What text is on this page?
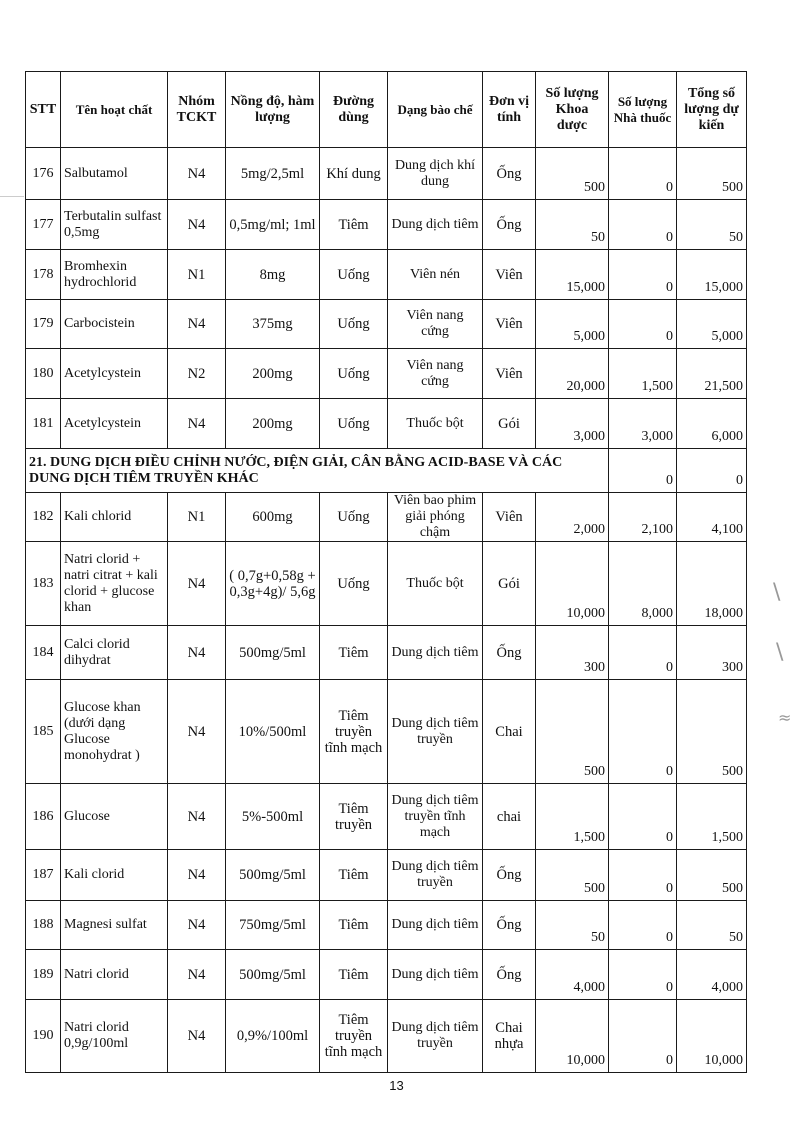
\
\
≈
STT	Tên hoạt chất	Nhóm TCKT	Nồng độ, hàm lượng	Đường dùng	Dạng bào chế	Đơn vị tính	Số lượng Khoa dược	Số lượng Nhà thuốc	Tổng số lượng dự kiến
176	Salbutamol	N4	5mg/2,5ml	Khí dung	Dung dịch khí dung	Ống	500	0	500
177	Terbutalin sulfast 0,5mg	N4	0,5mg/ml; 1ml	Tiêm	Dung dịch tiêm	Ống	50	0	50
178	Bromhexin hydrochlorid	N1	8mg	Uống	Viên nén	Viên	15,000	0	15,000
179	Carbocistein	N4	375mg	Uống	Viên nang cứng	Viên	5,000	0	5,000
180	Acetylcystein	N2	200mg	Uống	Viên nang cứng	Viên	20,000	1,500	21,500
181	Acetylcystein	N4	200mg	Uống	Thuốc bột	Gói	3,000	3,000	6,000
21. DUNG DỊCH ĐIỀU CHỈNH NƯỚC, ĐIỆN GIẢI, CÂN BẰNG ACID-BASE VÀ CÁC DUNG DỊCH TIÊM TRUYỀN KHÁC								0	0
182	Kali chlorid	N1	600mg	Uống	Viên bao phim giải phóng chậm	Viên	2,000	2,100	4,100
183	Natri clorid + natri citrat + kali clorid + glucose khan	N4	( 0,7g+0,58g + 0,3g+4g)/ 5,6g	Uống	Thuốc bột	Gói	10,000	8,000	18,000
184	Calci clorid dihydrat	N4	500mg/5ml	Tiêm	Dung dịch tiêm	Ống	300	0	300
185	Glucose khan (dưới dạng Glucose monohydrat )	N4	10%/500ml	Tiêm truyền tĩnh mạch	Dung dịch tiêm truyền	Chai	500	0	500
186	Glucose	N4	5%-500ml	Tiêm truyền	Dung dịch tiêm truyền tĩnh mạch	chai	1,500	0	1,500
187	Kali clorid	N4	500mg/5ml	Tiêm	Dung dịch tiêm truyền	Ống	500	0	500
188	Magnesi sulfat	N4	750mg/5ml	Tiêm	Dung dịch tiêm	Ống	50	0	50
189	Natri clorid	N4	500mg/5ml	Tiêm	Dung dịch tiêm	Ống	4,000	0	4,000
190	Natri clorid 0,9g/100ml	N4	0,9%/100ml	Tiêm truyền tĩnh mạch	Dung dịch tiêm truyền	Chai nhựa	10,000	0	10,000
13
